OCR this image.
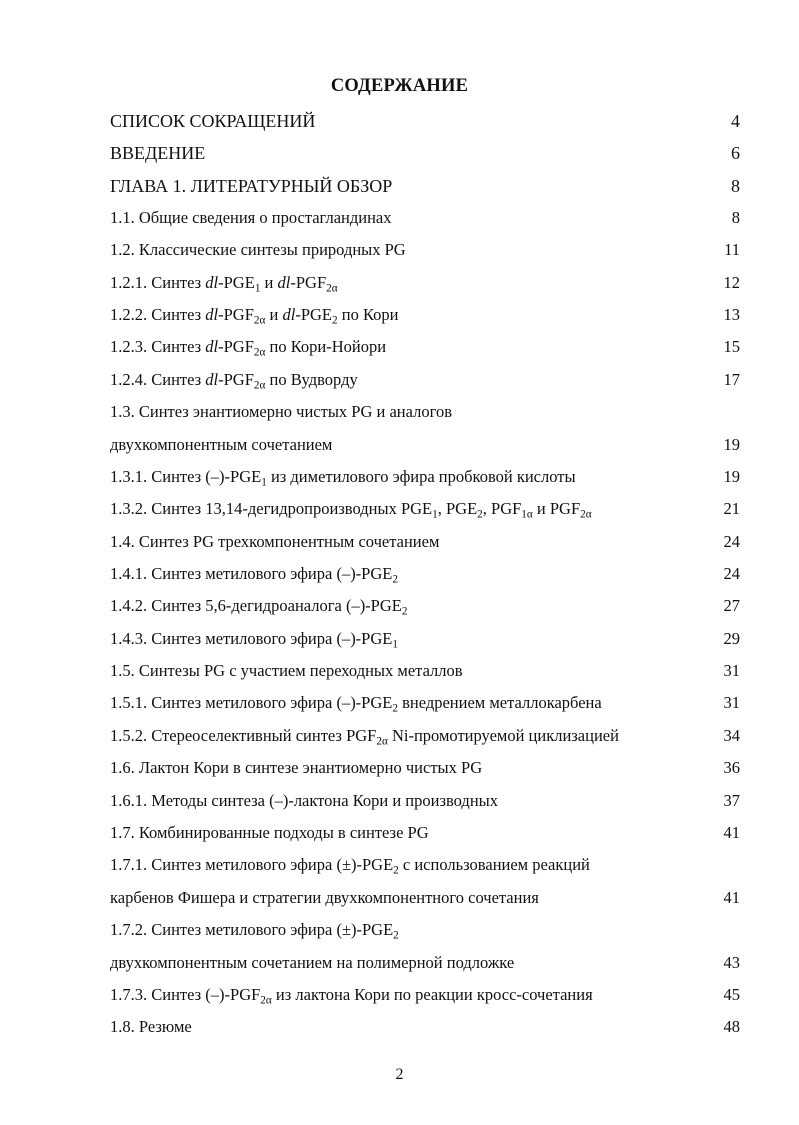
СОДЕРЖАНИЕ
СПИСОК СОКРАЩЕНИЙ	4
ВВЕДЕНИЕ	6
ГЛАВА 1. ЛИТЕРАТУРНЫЙ ОБЗОР	8
1.1. Общие сведения о простагландинах	8
1.2. Классические синтезы природных PG	11
1.2.1. Синтез $dl-PGE_1$ и $dl-PGF_{2\alpha}$	12
1.2.2. Синтез $dl-PGF_{2\alpha}$ и $dl-PGE_2$ по Кори	13
1.2.3. Синтез $dl-PGF_{2\alpha}$ по Кори-Нойори	15
1.2.4. Синтез $dl-PGF_{2\alpha}$ по Вудворду	17
1.3. Синтез энантиомерно чистых PG и аналогов
двухкомпонентным сочетанием	19
1.3.1. Синтез $(-)-PGE_1$ из диметилового эфира пробковой кислоты	19
1.3.2. Синтез 13,14-дегидропроизводных $PGE_1$, $PGE_2$, $PGF_{1\alpha}$ и $PGF_{2\alpha}$	21
1.4. Синтез PG трехкомпонентным сочетанием	24
1.4.1. Синтез метилового эфира $(-)-PGE_2$	24
1.4.2. Синтез 5,6-дегидроаналога $(-)-PGE_2$	27
1.4.3. Синтез метилового эфира $(-)-PGE_1$	29
1.5. Синтезы PG с участием переходных металлов	31
1.5.1. Синтез метилового эфира $(-)-PGE_2$ внедрением металлокарбена	31
1.5.2. Стереоселективный синтез $PGF_{2\alpha}$ Ni-промотируемой циклизацией	34
1.6. Лактон Кори в синтезе энантиомерно чистых PG	36
1.6.1. Методы синтеза (–)-лактона Кори и производных	37
1.7. Комбинированные подходы в синтезе PG	41
1.7.1. Синтез метилового эфира $(\pm)-PGE_2$ с использованием реакций
карбенов Фишера и стратегии двухкомпонентного сочетания	41
1.7.2. Синтез метилового эфира $(\pm)-PGE_2$
двухкомпонентным сочетанием на полимерной подложке	43
1.7.3. Синтез $(-)-PGF_{2\alpha}$ из лактона Кори по реакции кросс-сочетания	45
1.8. Резюме	48
2
